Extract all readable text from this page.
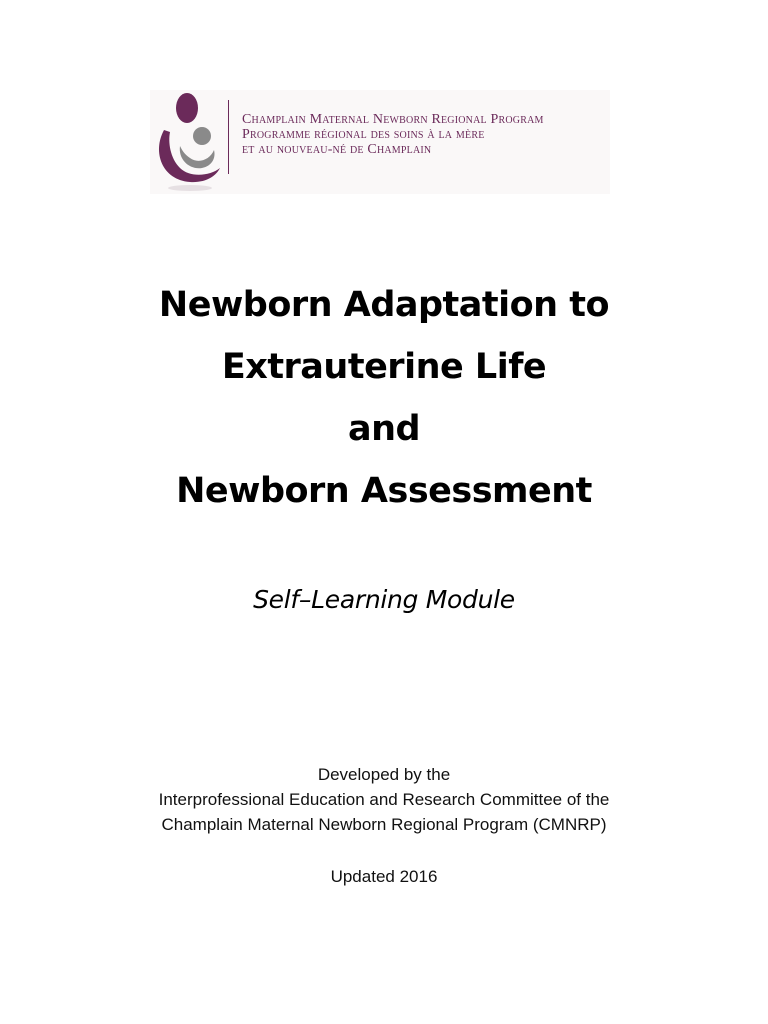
Champlain Maternal Newborn Regional Program
Programme régional des soins à la mère
et au nouveau-né de Champlain
Newborn Adaptation to
Extrauterine Life
and
Newborn Assessment
Self–Learning Module
Developed by the
Interprofessional Education and Research Committee of the
Champlain Maternal Newborn Regional Program (CMNRP)
Updated 2016
